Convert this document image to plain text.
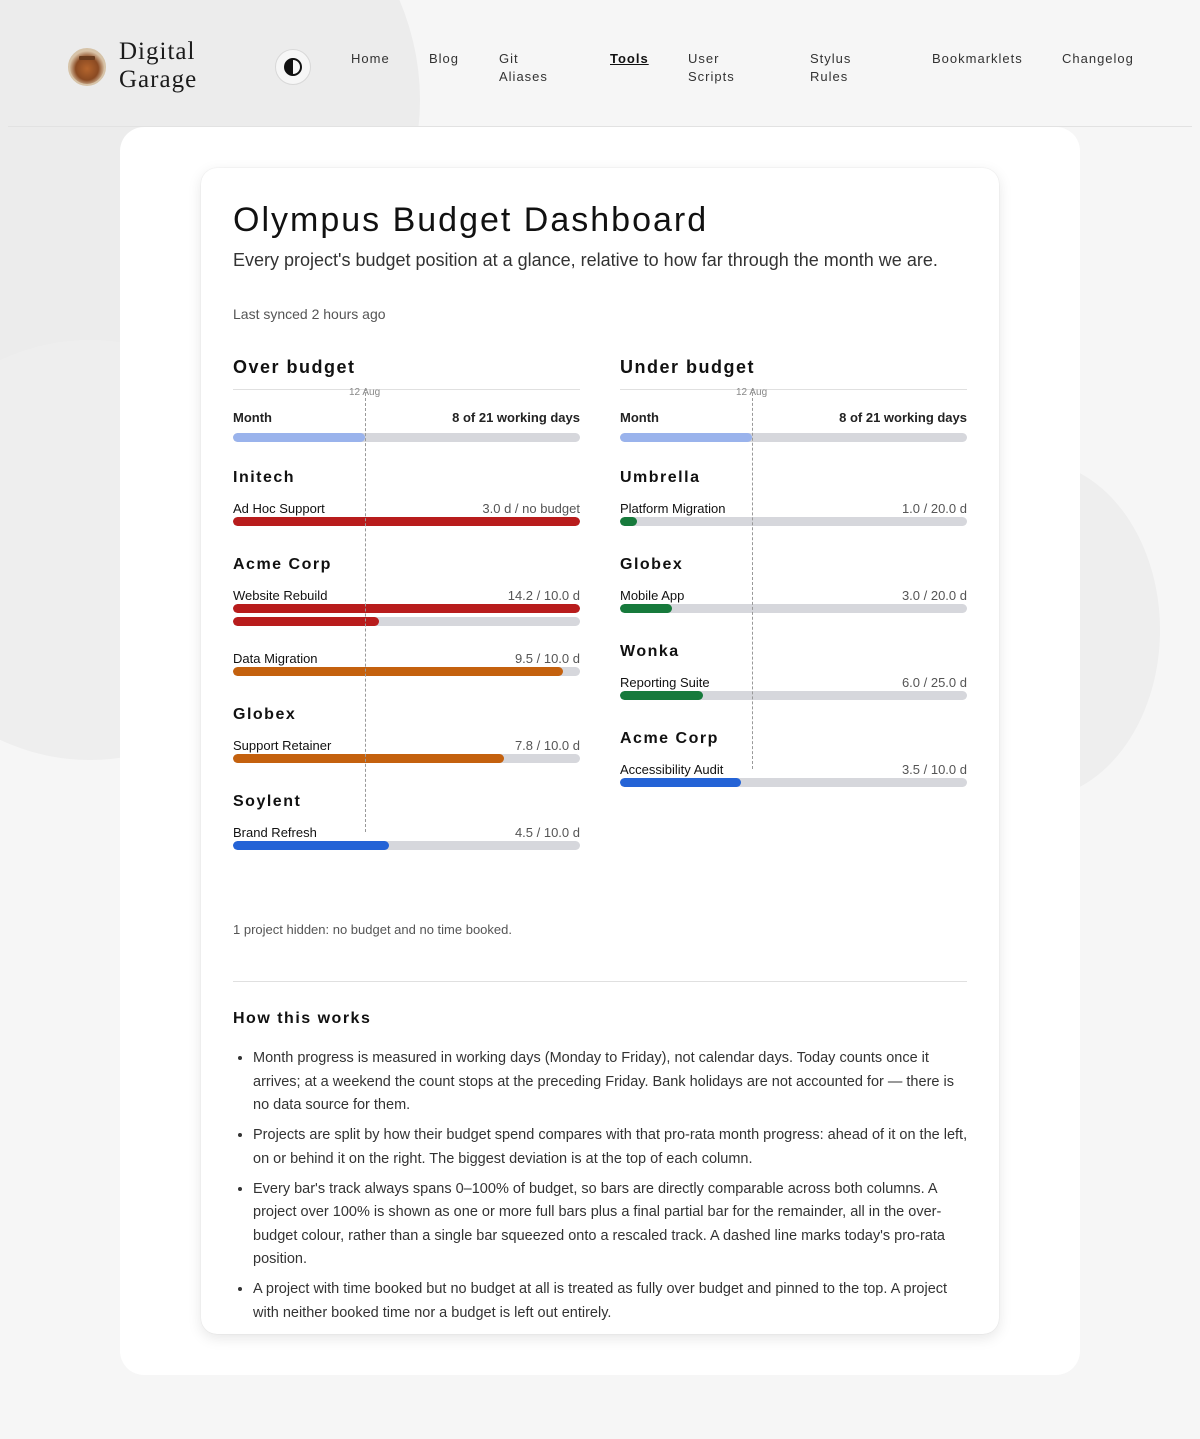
Digital Garage
Home	Blog	Git Aliases
Tools	User Scripts
Stylus Rules
Bookmarklets	Changelog
Olympus Budget Dashboard

Every project's budget position at a glance, relative to how far through the month we are.

Last synced 2 hours ago

Over budget
12 Aug
Month	8 of 21 working days
Initech
Ad Hoc Support	3.0 d / no budget
Acme Corp
Website Rebuild	14.2 / 10.0 d
Data Migration	9.5 / 10.0 d
Globex
Support Retainer	7.8 / 10.0 d
Soylent
Brand Refresh	4.5 / 10.0 d
Under budget
12 Aug
Month	8 of 21 working days
Umbrella
Platform Migration	1.0 / 20.0 d
Globex
Mobile App	3.0 / 20.0 d
Wonka
Reporting Suite	6.0 / 25.0 d
Acme Corp
Accessibility Audit	3.5 / 10.0 d

1 project hidden: no budget and no time booked.

How this works
• Month progress is measured in working days (Monday to Friday), not calendar days. Today counts once it arrives; at a weekend the count stops at the preceding Friday. Bank holidays are not accounted for — there is no data source for them.
• Projects are split by how their budget spend compares with that pro-rata month progress: ahead of it on the left, on or behind it on the right. The biggest deviation is at the top of each column.
• Every bar's track always spans 0–100% of budget, so bars are directly comparable across both columns. A project over 100% is shown as one or more full bars plus a final partial bar for the remainder, all in the over-budget colour, rather than a single bar squeezed onto a rescaled track. A dashed line marks today's pro-rata position.
• A project with time booked but no budget at all is treated as fully over budget and pinned to the top. A project with neither booked time nor a budget is left out entirely.
